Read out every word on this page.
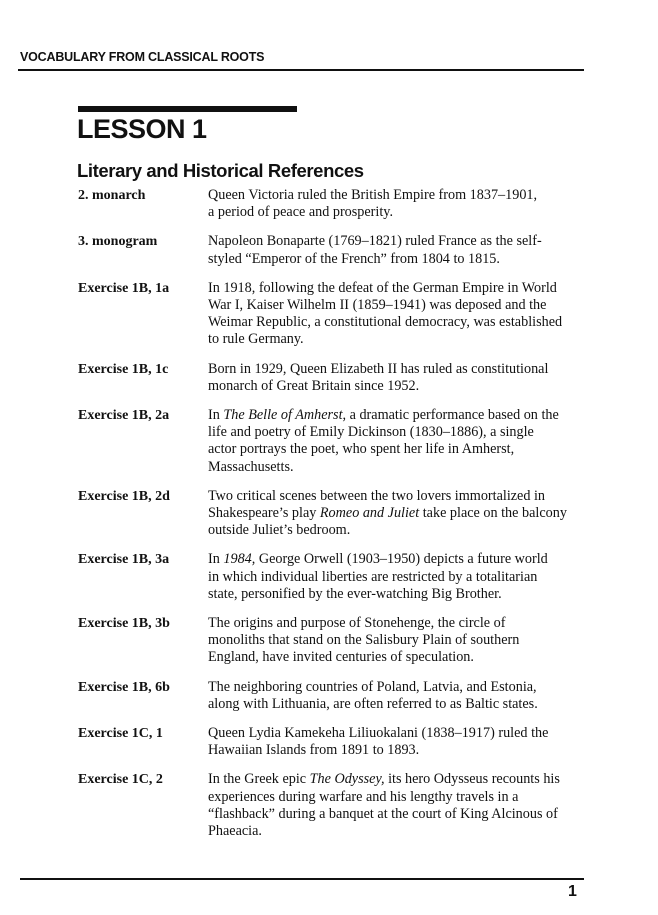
VOCABULARY FROM CLASSICAL ROOTS
LESSON 1
Literary and Historical References
2. monarch	Queen Victoria ruled the British Empire from 1837–1901,
a period of peace and prosperity.
3. monogram	Napoleon Bonaparte (1769–1821) ruled France as the self-
styled “Emperor of the French” from 1804 to 1815.
Exercise 1B, 1a	In 1918, following the defeat of the German Empire in World
War I, Kaiser Wilhelm II (1859–1941) was deposed and the
Weimar Republic, a constitutional democracy, was established
to rule Germany.
Exercise 1B, 1c	Born in 1929, Queen Elizabeth II has ruled as constitutional
monarch of Great Britain since 1952.
Exercise 1B, 2a	In The Belle of Amherst, a dramatic performance based on the
life and poetry of Emily Dickinson (1830–1886), a single
actor portrays the poet, who spent her life in Amherst,
Massachusetts.
Exercise 1B, 2d	Two critical scenes between the two lovers immortalized in
Shakespeare’s play Romeo and Juliet take place on the balcony
outside Juliet’s bedroom.
Exercise 1B, 3a	In 1984, George Orwell (1903–1950) depicts a future world
in which individual liberties are restricted by a totalitarian
state, personified by the ever-watching Big Brother.
Exercise 1B, 3b	The origins and purpose of Stonehenge, the circle of
monoliths that stand on the Salisbury Plain of southern
England, have invited centuries of speculation.
Exercise 1B, 6b	The neighboring countries of Poland, Latvia, and Estonia,
along with Lithuania, are often referred to as Baltic states.
Exercise 1C, 1	Queen Lydia Kamekeha Liliuokalani (1838–1917) ruled the
Hawaiian Islands from 1891 to 1893.
Exercise 1C, 2	In the Greek epic The Odyssey, its hero Odysseus recounts his
experiences during warfare and his lengthy travels in a
“flashback” during a banquet at the court of King Alcinous of
Phaeacia.
1
